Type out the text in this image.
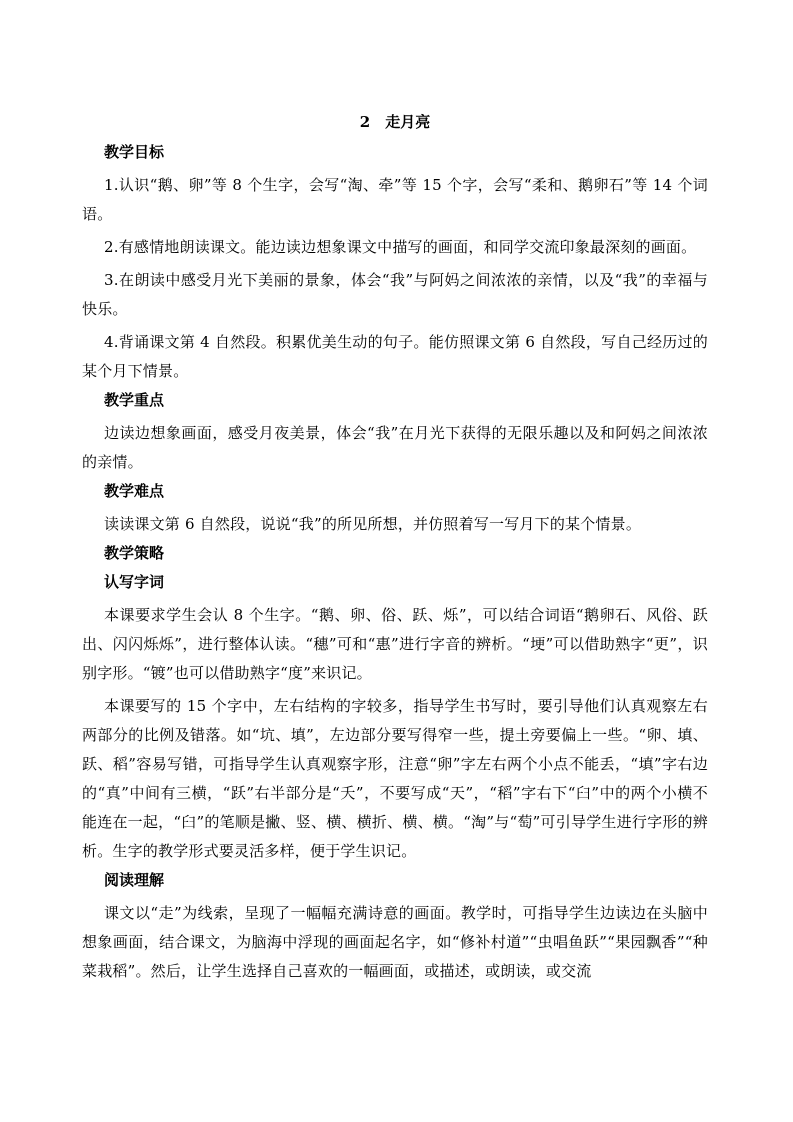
2　走月亮
教学目标

1.认识“鹅、卵”等 8 个生字，会写“淘、牵”等 15 个字，会写“柔和、鹅卵石”等 14 个词语。

2.有感情地朗读课文。能边读边想象课文中描写的画面，和同学交流印象最深刻的画面。

3.在朗读中感受月光下美丽的景象，体会“我”与阿妈之间浓浓的亲情，以及“我”的幸福与快乐。

4.背诵课文第 4 自然段。积累优美生动的句子。能仿照课文第 6 自然段，写自己经历过的某个月下情景。

教学重点

边读边想象画面，感受月夜美景，体会“我”在月光下获得的无限乐趣以及和阿妈之间浓浓的亲情。

教学难点

读读课文第 6 自然段，说说“我”的所见所想，并仿照着写一写月下的某个情景。

教学策略
认写字词

本课要求学生会认 8 个生字。“鹅、卵、俗、跃、烁”，可以结合词语“鹅卵石、风俗、跃出、闪闪烁烁”，进行整体认读。“穗”可和“惠”进行字音的辨析。“埂”可以借助熟字“更”，识别字形。“镀”也可以借助熟字“度”来识记。

本课要写的 15 个字中，左右结构的字较多，指导学生书写时，要引导他们认真观察左右两部分的比例及错落。如“坑、填”，左边部分要写得窄一些，提土旁要偏上一些。“卵、填、跃、稻”容易写错，可指导学生认真观察字形，注意“卵”字左右两个小点不能丢，“填”字右边的“真”中间有三横，“跃”右半部分是“夭”，不要写成“天”，“稻”字右下“臼”中的两个小横不能连在一起，“臼”的笔顺是撇、竖、横、横折、横、横。“淘”与“萄”可引导学生进行字形的辨析。生字的教学形式要灵活多样，便于学生识记。

阅读理解

课文以“走”为线索，呈现了一幅幅充满诗意的画面。教学时，可指导学生边读边在头脑中想象画面，结合课文，为脑海中浮现的画面起名字，如“修补村道”“虫唱鱼跃”“果园飘香”“种菜栽稻”。然后，让学生选择自己喜欢的一幅画面，或描述，或朗读，或交流
